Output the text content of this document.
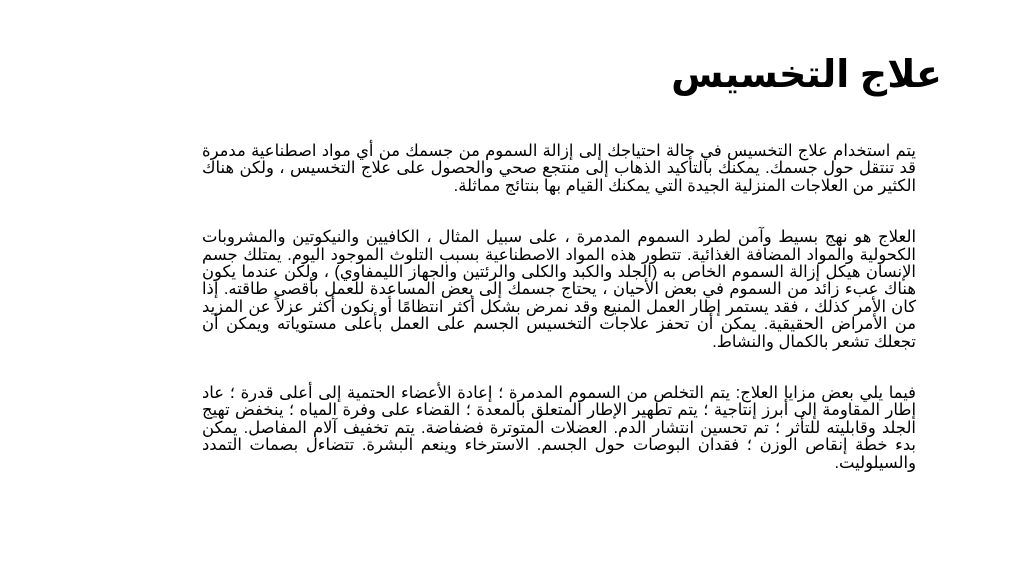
علاج التخسيس

يتم استخدام علاج التخسيس في حالة احتياجك إلى إزالة السموم من جسمك من أي مواد اصطناعية مدمرة قد تنتقل حول جسمك. يمكنك بالتأكيد الذهاب إلى منتجع صحي والحصول على علاج التخسيس ، ولكن هناك الكثير من العلاجات المنزلية الجيدة التي يمكنك القيام بها بنتائج مماثلة.

العلاج هو نهج بسيط وآمن لطرد السموم المدمرة ، على سبيل المثال ، الكافيين والنيكوتين والمشروبات الكحولية والمواد المضافة الغذائية. تتطور هذه المواد الاصطناعية بسبب التلوث الموجود اليوم. يمتلك جسم الإنسان هيكل إزالة السموم الخاص به (الجلد والكبد والكلى والرئتين والجهاز الليمفاوي) ، ولكن عندما يكون هناك عبء زائد من السموم في بعض الأحيان ، يحتاج جسمك إلى بعض المساعدة للعمل بأقصى طاقته. إذا كان الأمر كذلك ، فقد يستمر إطار العمل المنيع وقد نمرض بشكل أكثر انتظامًا أو نكون أكثر عزلاً عن المزيد من الأمراض الحقيقية. يمكن أن تحفز علاجات التخسيس الجسم على العمل بأعلى مستوياته ويمكن أن تجعلك تشعر بالكمال والنشاط.

فيما يلي بعض مزايا العلاج: يتم التخلص من السموم المدمرة ؛ إعادة الأعضاء الحتمية إلى أعلى قدرة ؛ عاد إطار المقاومة إلى أبرز إنتاجية ؛ يتم تطهير الإطار المتعلق بالمعدة ؛ القضاء على وفرة المياه ؛ ينخفض تهيج الجلد وقابليته للتأثر ؛ تم تحسين انتشار الدم. العضلات المتوترة فضفاضة. يتم تخفيف آلام المفاصل. يمكن بدء خطة إنقاص الوزن ؛ فقدان البوصات حول الجسم. الاسترخاء وينعم البشرة. تتضاءل بصمات التمدد والسيلوليت.
